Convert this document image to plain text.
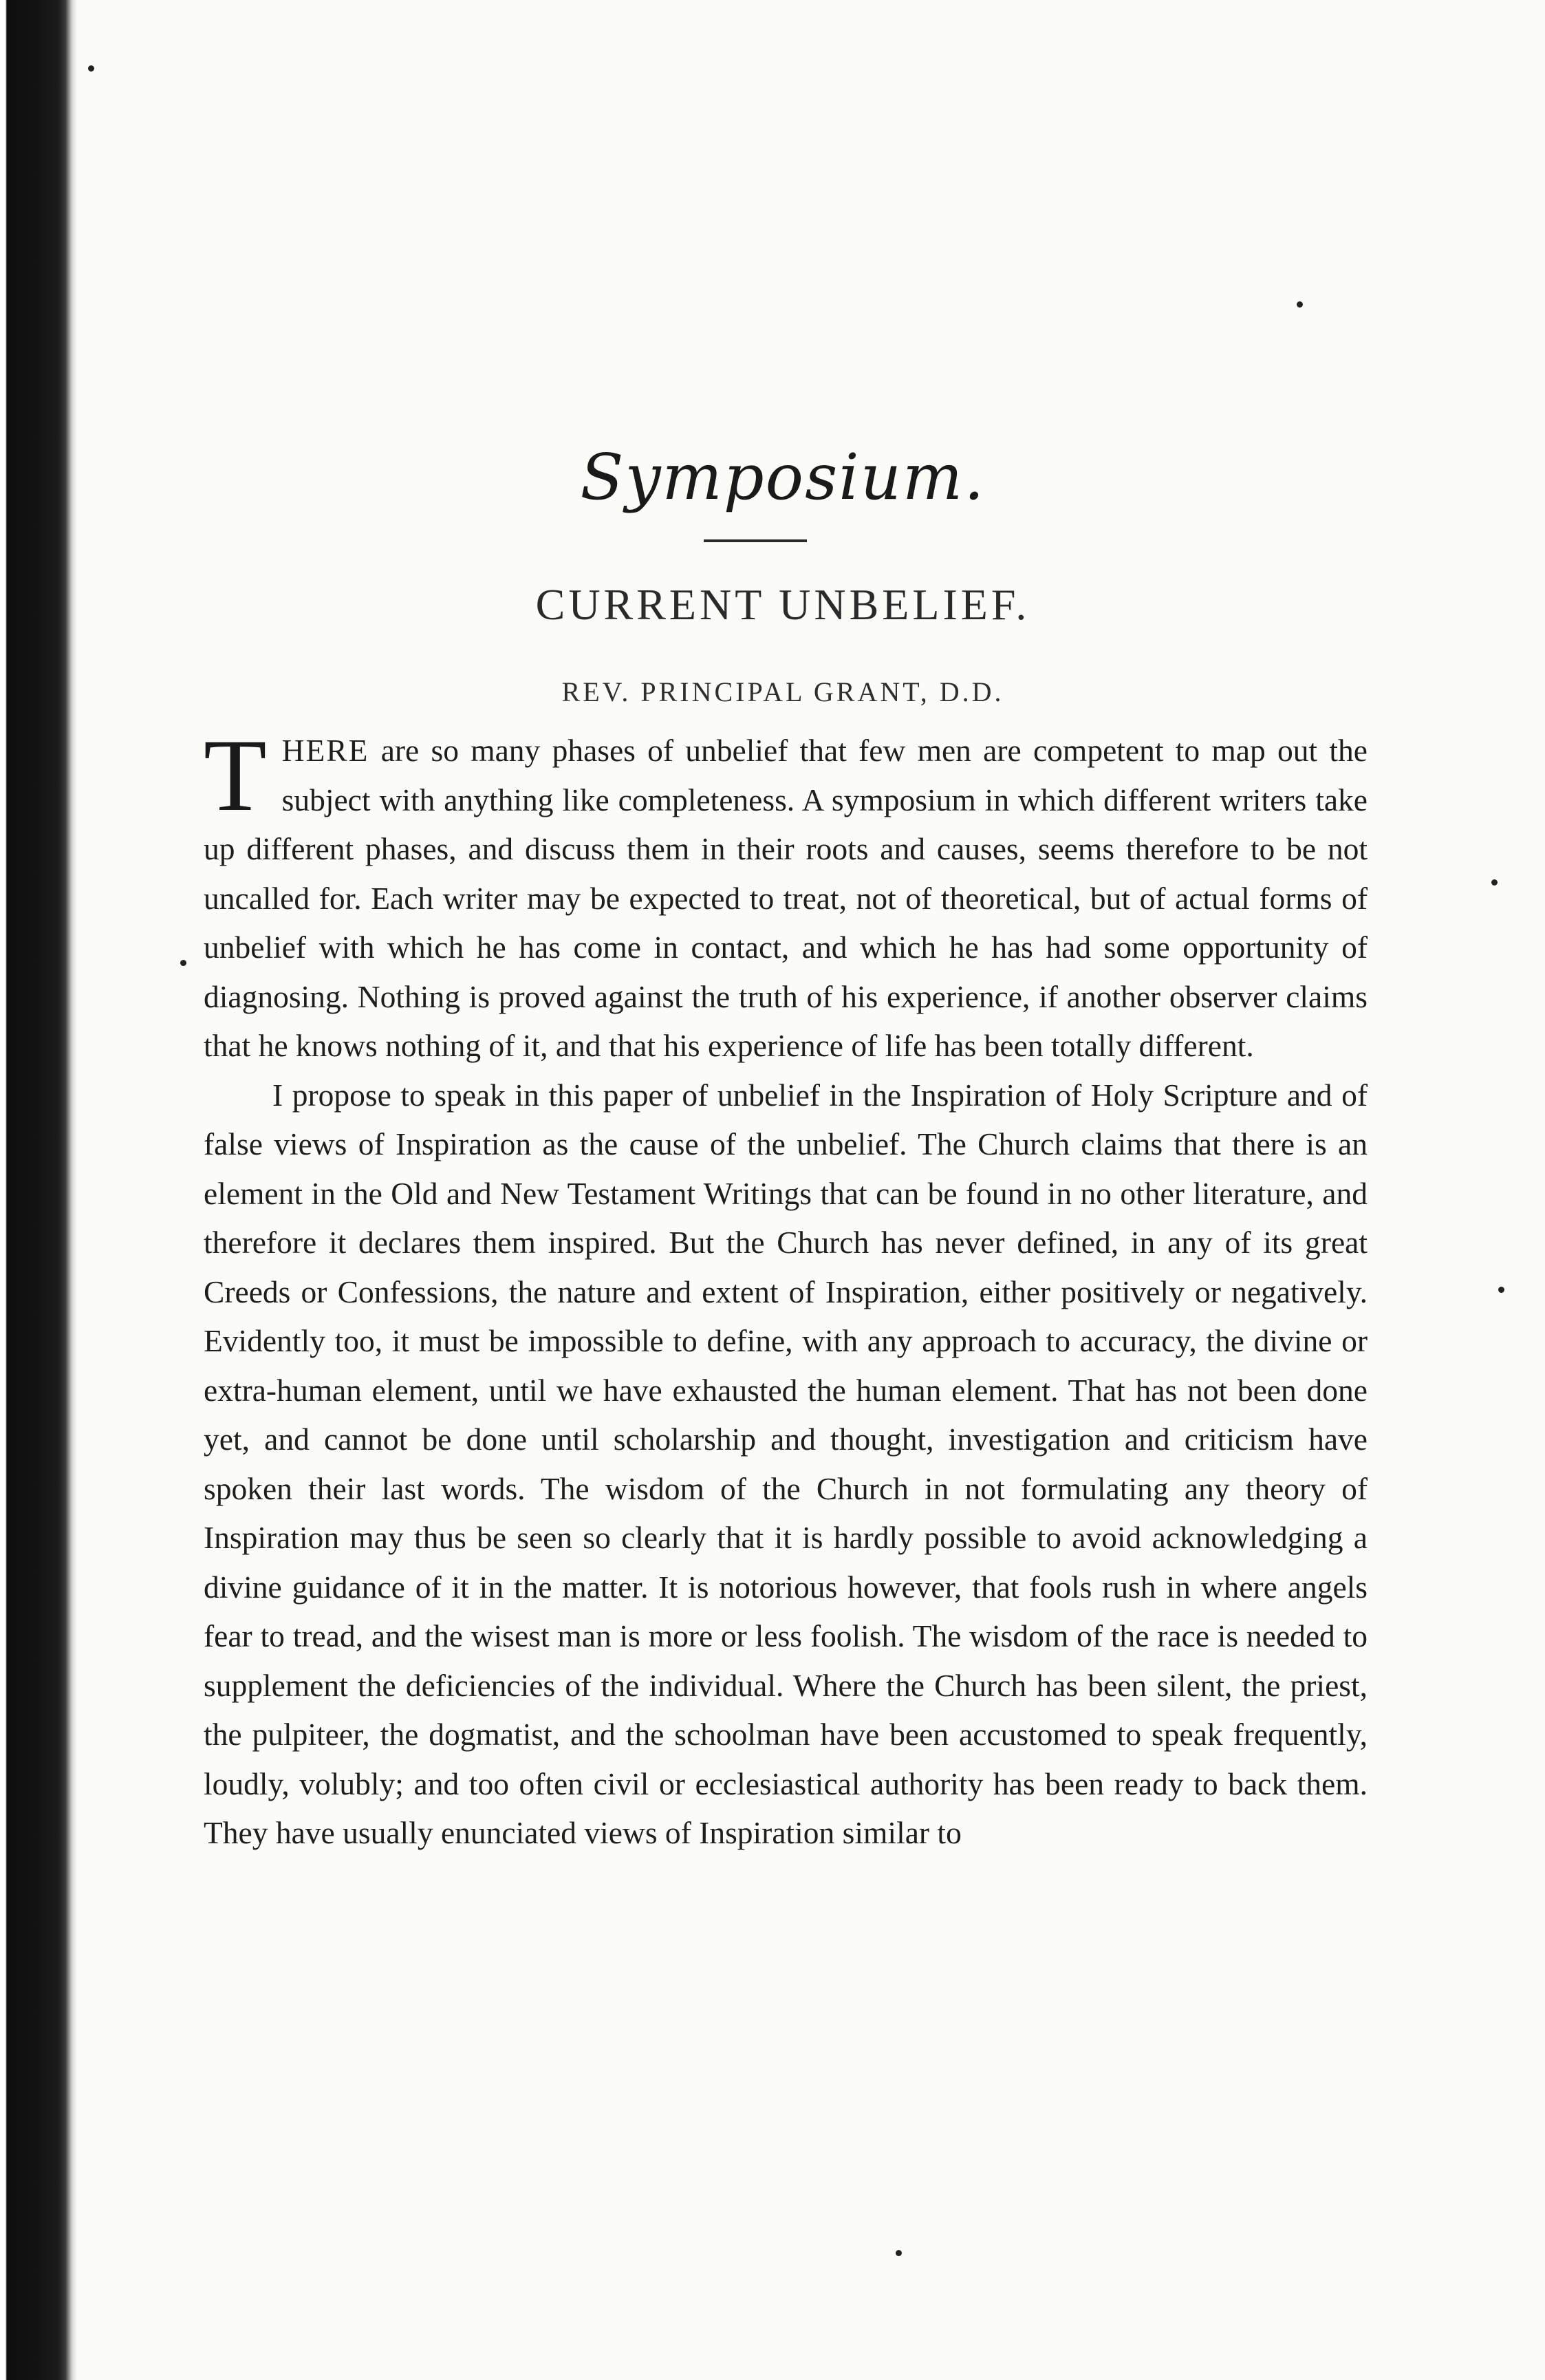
Symposium.
CURRENT UNBELIEF.
REV. PRINCIPAL GRANT, D.D.

THERE are so many phases of unbelief that few men are competent to map out the subject with anything like completeness. A symposium in which different writers take up different phases, and discuss them in their roots and causes, seems therefore to be not uncalled for. Each writer may be expected to treat, not of theoretical, but of actual forms of unbelief with which he has come in contact, and which he has had some opportunity of diagnosing. Nothing is proved against the truth of his experience, if another observer claims that he knows nothing of it, and that his experience of life has been totally different.

I propose to speak in this paper of unbelief in the Inspiration of Holy Scripture and of false views of Inspiration as the cause of the unbelief. The Church claims that there is an element in the Old and New Testament Writings that can be found in no other literature, and therefore it declares them inspired. But the Church has never defined, in any of its great Creeds or Confessions, the nature and extent of Inspiration, either positively or negatively. Evidently too, it must be impossible to define, with any approach to accuracy, the divine or extra-human element, until we have exhausted the human element. That has not been done yet, and cannot be done until scholarship and thought, investigation and criticism have spoken their last words. The wisdom of the Church in not formulating any theory of Inspiration may thus be seen so clearly that it is hardly possible to avoid acknowledging a divine guidance of it in the matter. It is notorious however, that fools rush in where angels fear to tread, and the wisest man is more or less foolish. The wisdom of the race is needed to supplement the deficiencies of the individual. Where the Church has been silent, the priest, the pulpiteer, the dogmatist, and the schoolman have been accustomed to speak frequently, loudly, volubly; and too often civil or ecclesiastical authority has been ready to back them. They have usually enunciated views of Inspiration similar to
